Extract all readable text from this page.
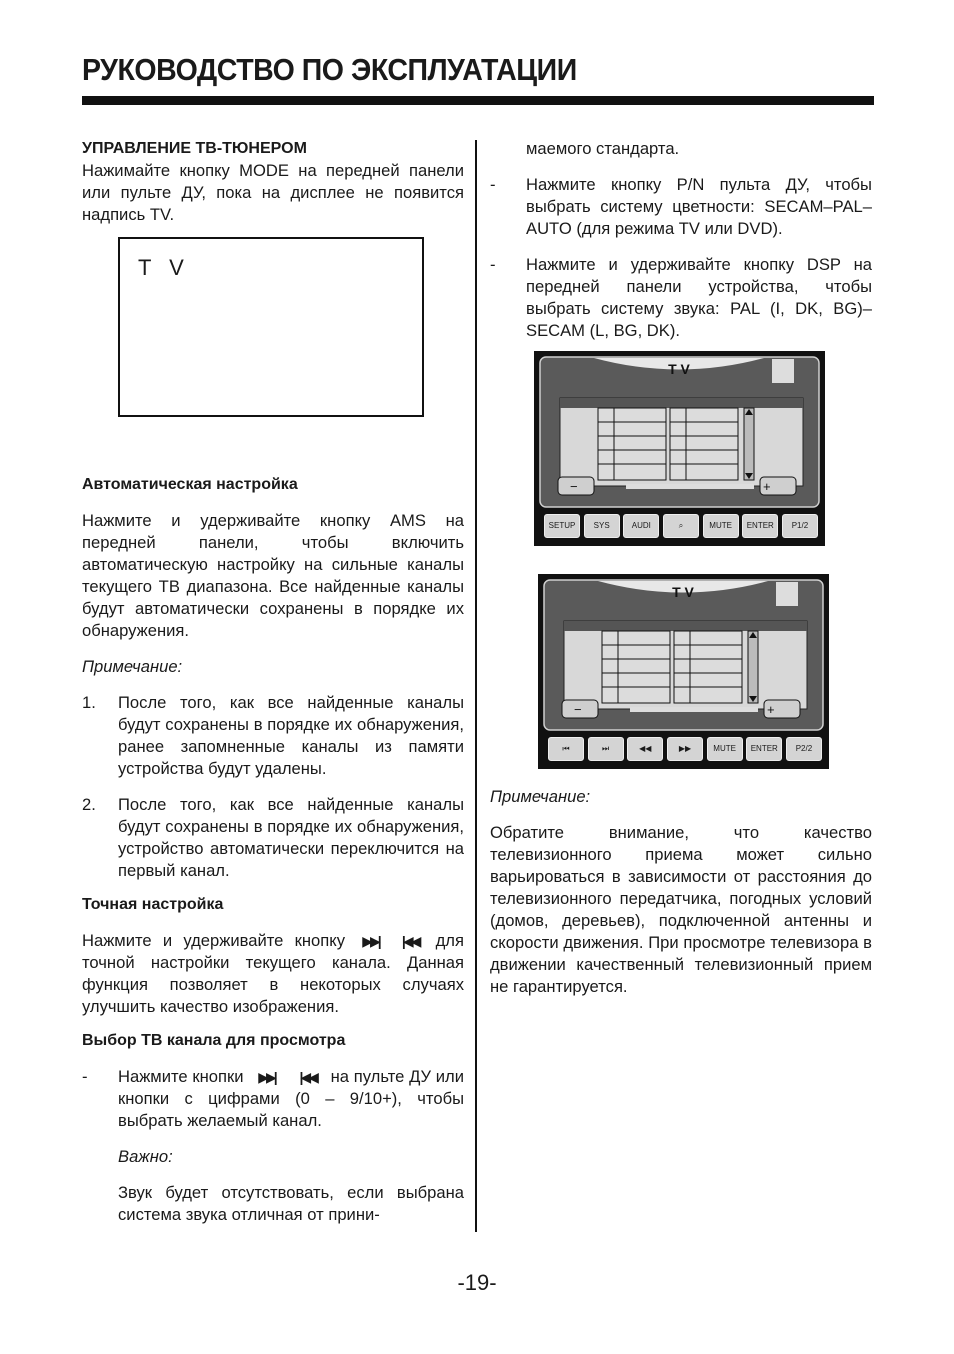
РУКОВОДСТВО ПО ЭКСПЛУАТАЦИИ

УПРАВЛЕНИЕ ТВ-ТЮНЕРОМ

Нажимайте кнопку MODE на передней панели или пульте ДУ, пока на дисплее не появится надпись TV.

T V

Автоматическая настройка

Нажмите и удерживайте кнопку AMS на передней панели, чтобы включить автоматическую настройку на сильные каналы текущего ТВ диапазона. Все найденные каналы будут автоматически сохранены в порядке их обнаружения.

Примечание:

1. После того, как все найденные каналы будут сохранены в порядке их обнаружения, ранее запомненные каналы из памяти устройства будут удалены.
2. После того, как все найденные каналы будут сохранены в порядке их обнаружения, устройство автоматически переключится на первый канал.

Точная настройка

Нажмите и удерживайте кнопку ▶▶| |◀◀ для точной настройки текущего канала. Данная функция позволяет в некоторых случаях улучшить качество изображения.

Выбор ТВ канала для просмотра

- Нажмите кнопки ▶▶| |◀◀ на пульте ДУ или кнопки с цифрами (0 – 9/10+), чтобы выбрать желаемый канал.

Важно:

Звук будет отсутствовать, если выбрана система звука отличная от прини-

маемого стандарта.

- Нажмите кнопку P/N пульта ДУ, чтобы выбрать систему цветности: SECAM–PAL–AUTO (для режима TV или DVD).
- Нажмите и удерживайте кнопку DSP на передней панели устройства, чтобы выбрать систему звука: PAL (I, DK, BG)–SECAM (L, BG, DK).
T V
−	+
SETUP	SYS	AUDI	⌕	MUTE	ENTER	P1/2
T V
−	+
⏮	⏭	◀◀	▶▶	MUTE	ENTER	P2/2

Примечание:

Обратите внимание, что качество телевизионного приема может сильно варьироваться в зависимости от расстояния до телевизионного передатчика, погодных условий (домов, деревьев), подключенной антенны и скорости движения. При просмотре телевизора в движении качественный телевизионный прием не гарантируется.

-19-
